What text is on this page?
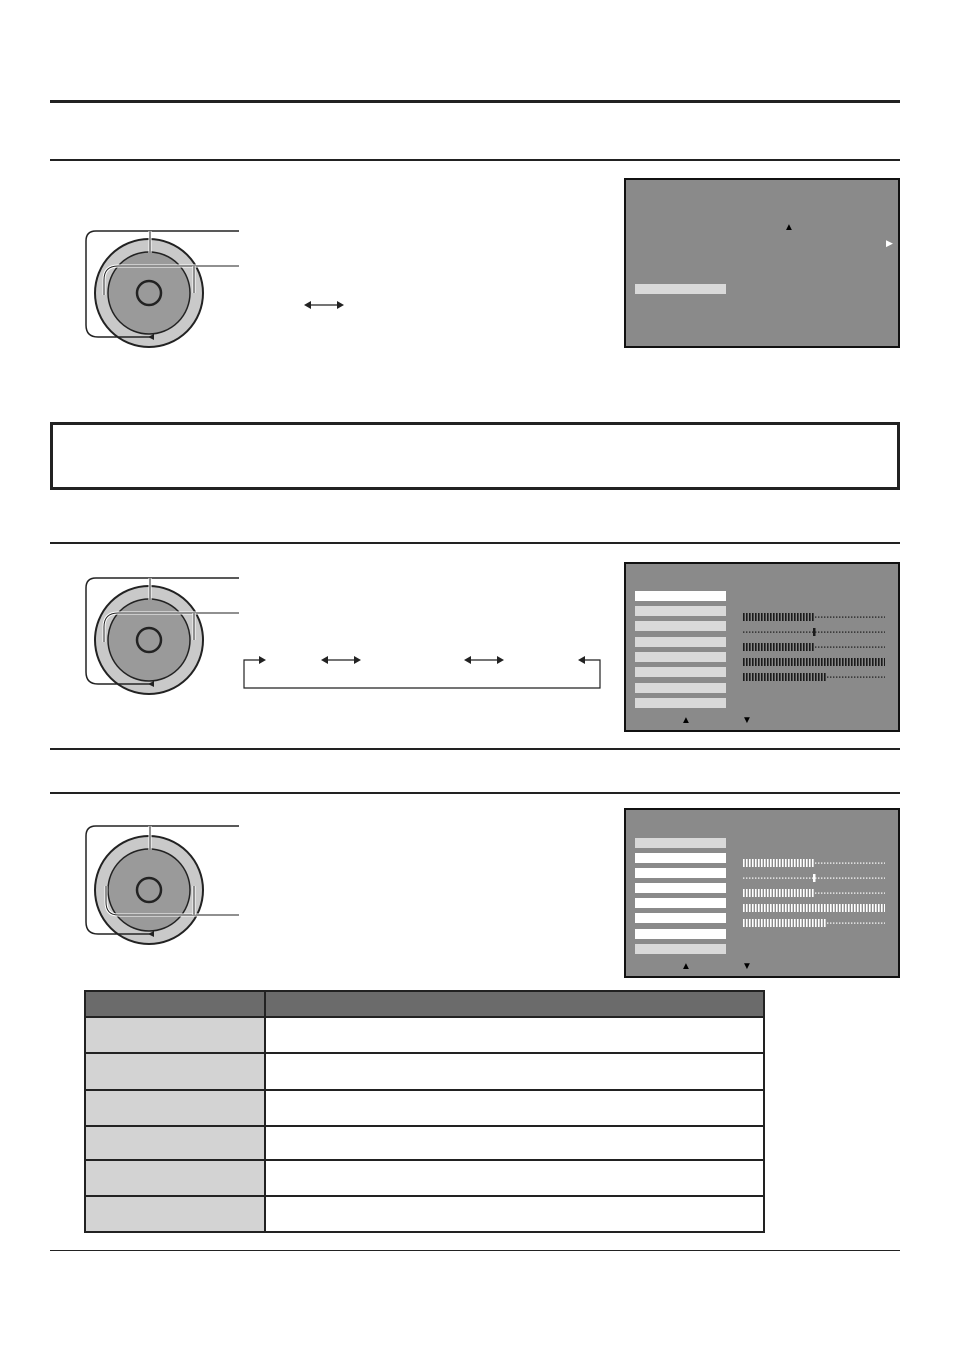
▲
▶
▲	▼
▲	▼
